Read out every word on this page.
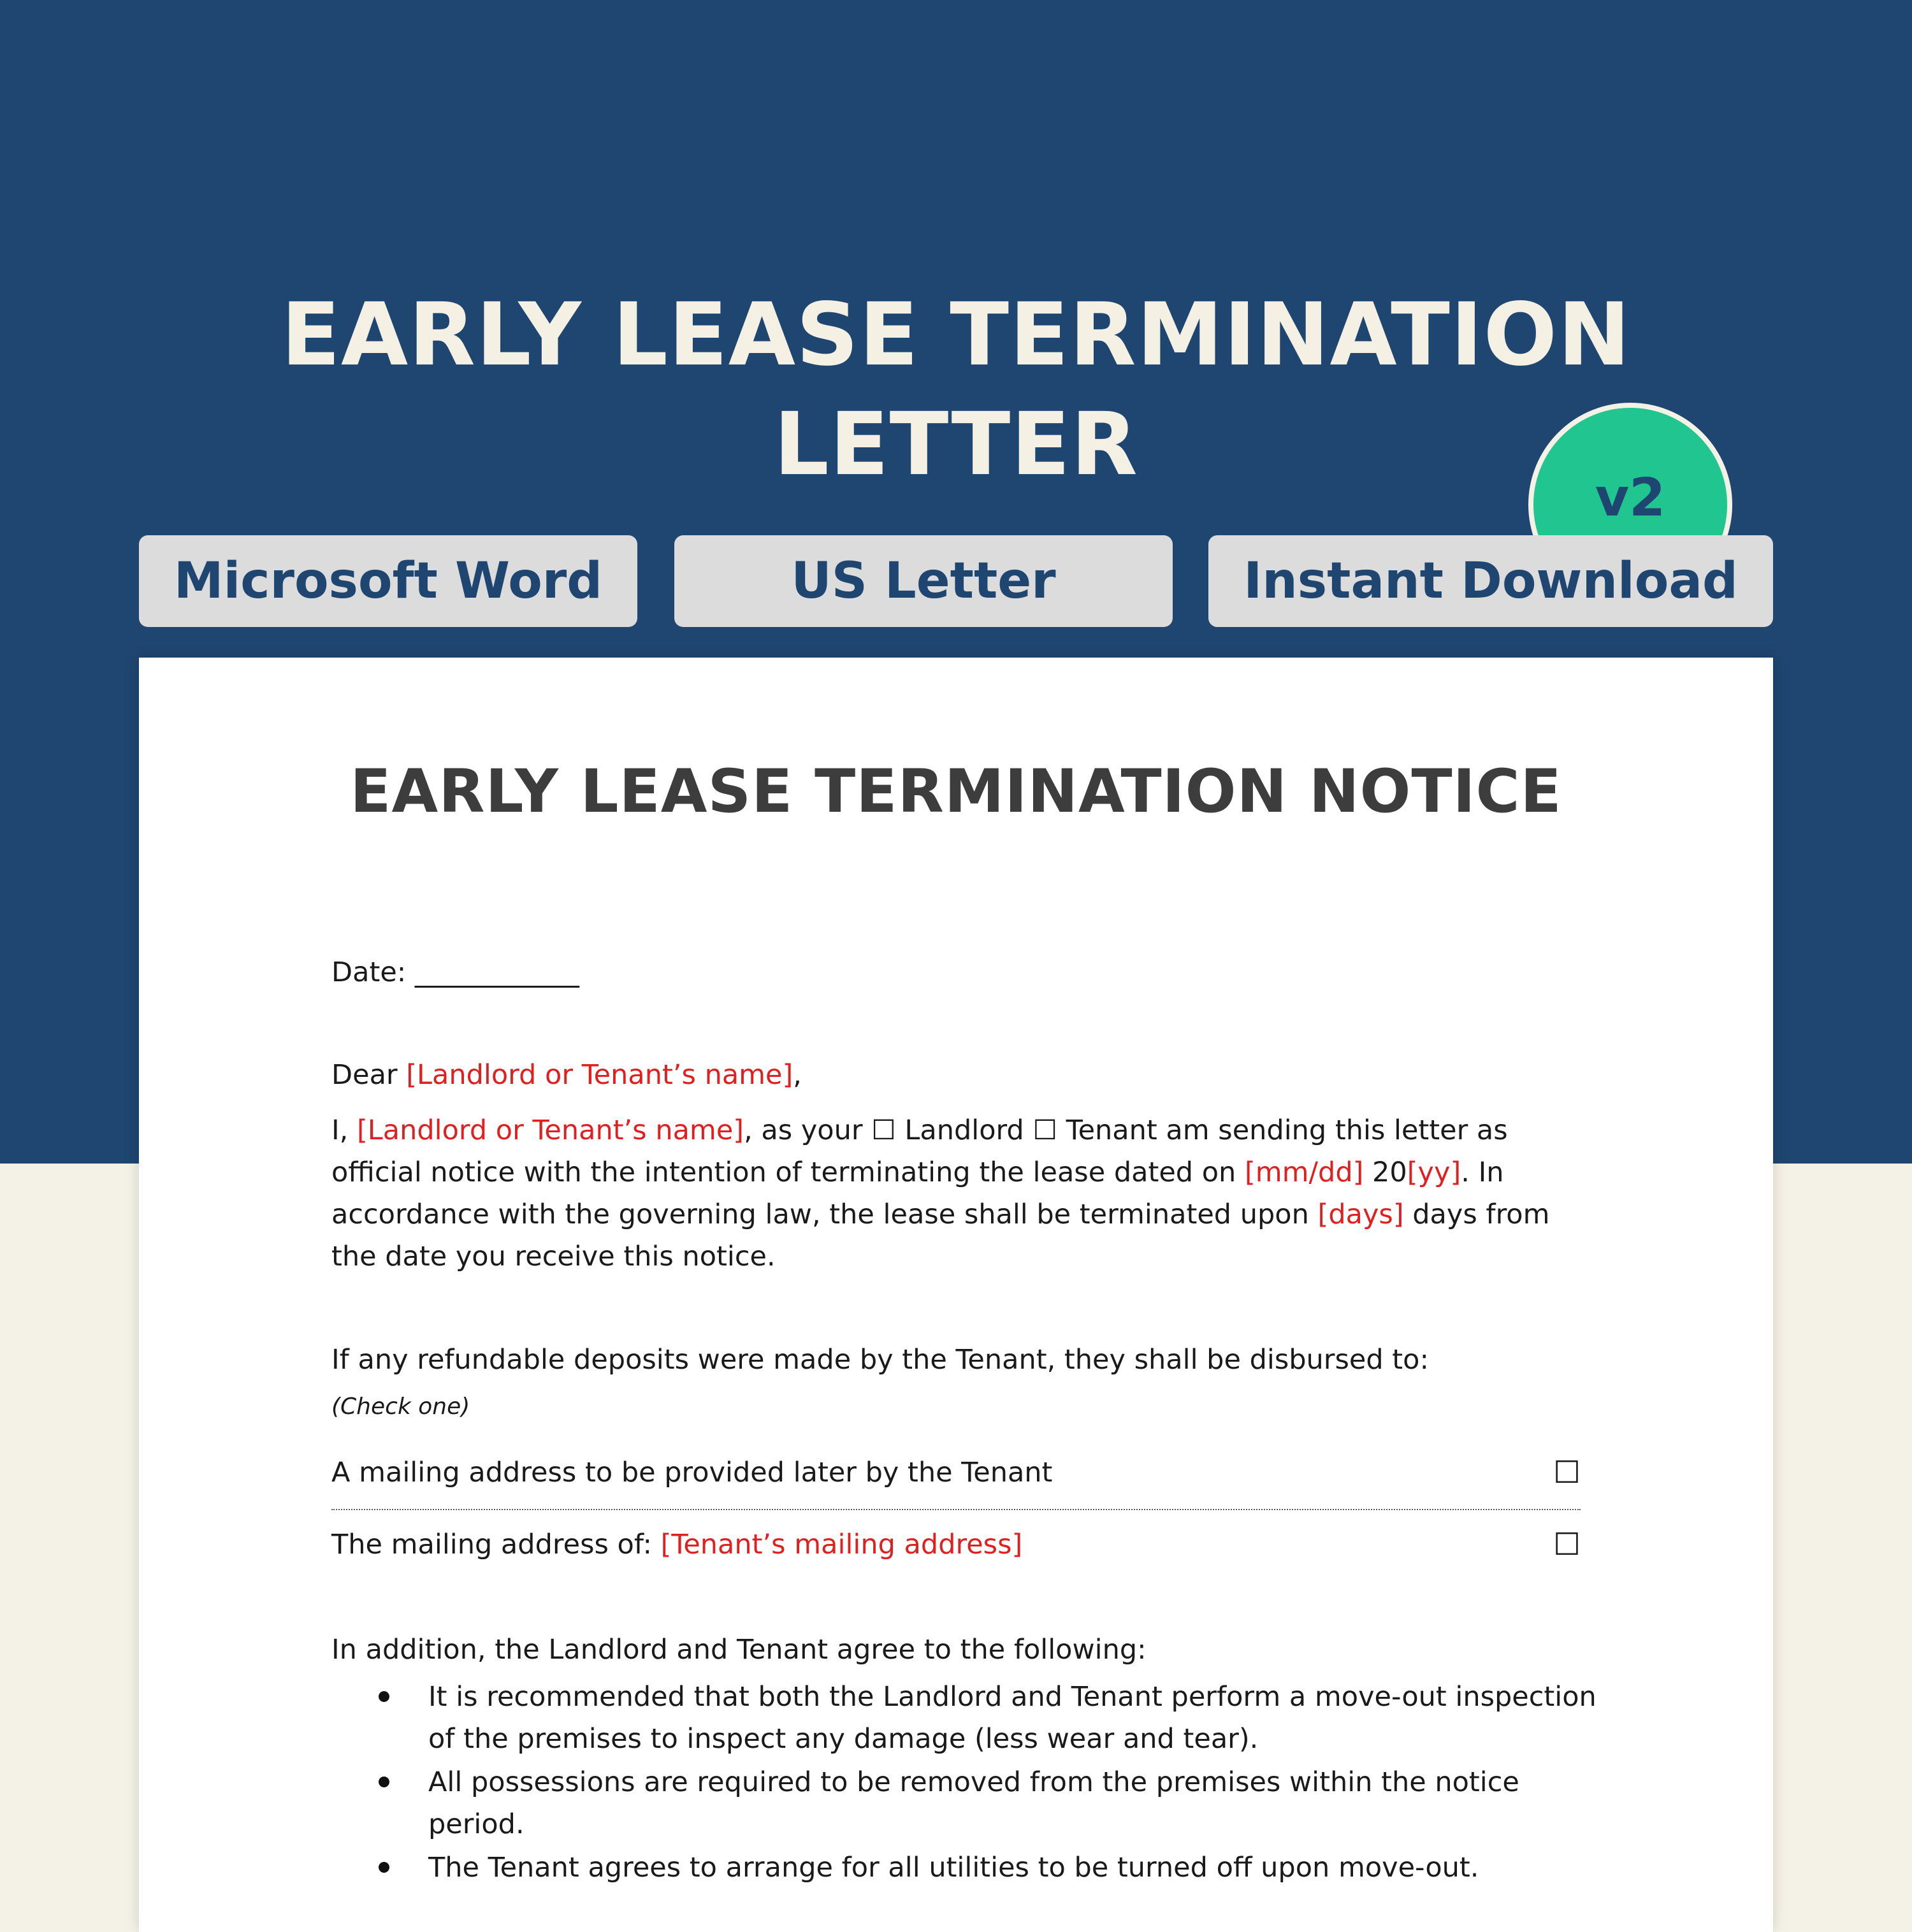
EARLY LEASE TERMINATION
LETTER
v2
Microsoft Word	US Letter	Instant Download
EARLY LEASE TERMINATION NOTICE
Date: ____________
Dear [Landlord or Tenant’s name],
I, [Landlord or Tenant’s name], as your ☐ Landlord ☐ Tenant am sending this letter as official notice with the intention of terminating the lease dated on [mm/dd] 20[yy]. In accordance with the governing law, the lease shall be terminated upon [days] days from the date you receive this notice.
If any refundable deposits were made by the Tenant, they shall be disbursed to:
(Check one)
A mailing address to be provided later by the Tenant	☐
The mailing address of: [Tenant’s mailing address]	☐
In addition, the Landlord and Tenant agree to the following:
It is recommended that both the Landlord and Tenant perform a move-out inspection of the premises to inspect any damage (less wear and tear).
All possessions are required to be removed from the premises within the notice period.
The Tenant agrees to arrange for all utilities to be turned off upon move-out.
